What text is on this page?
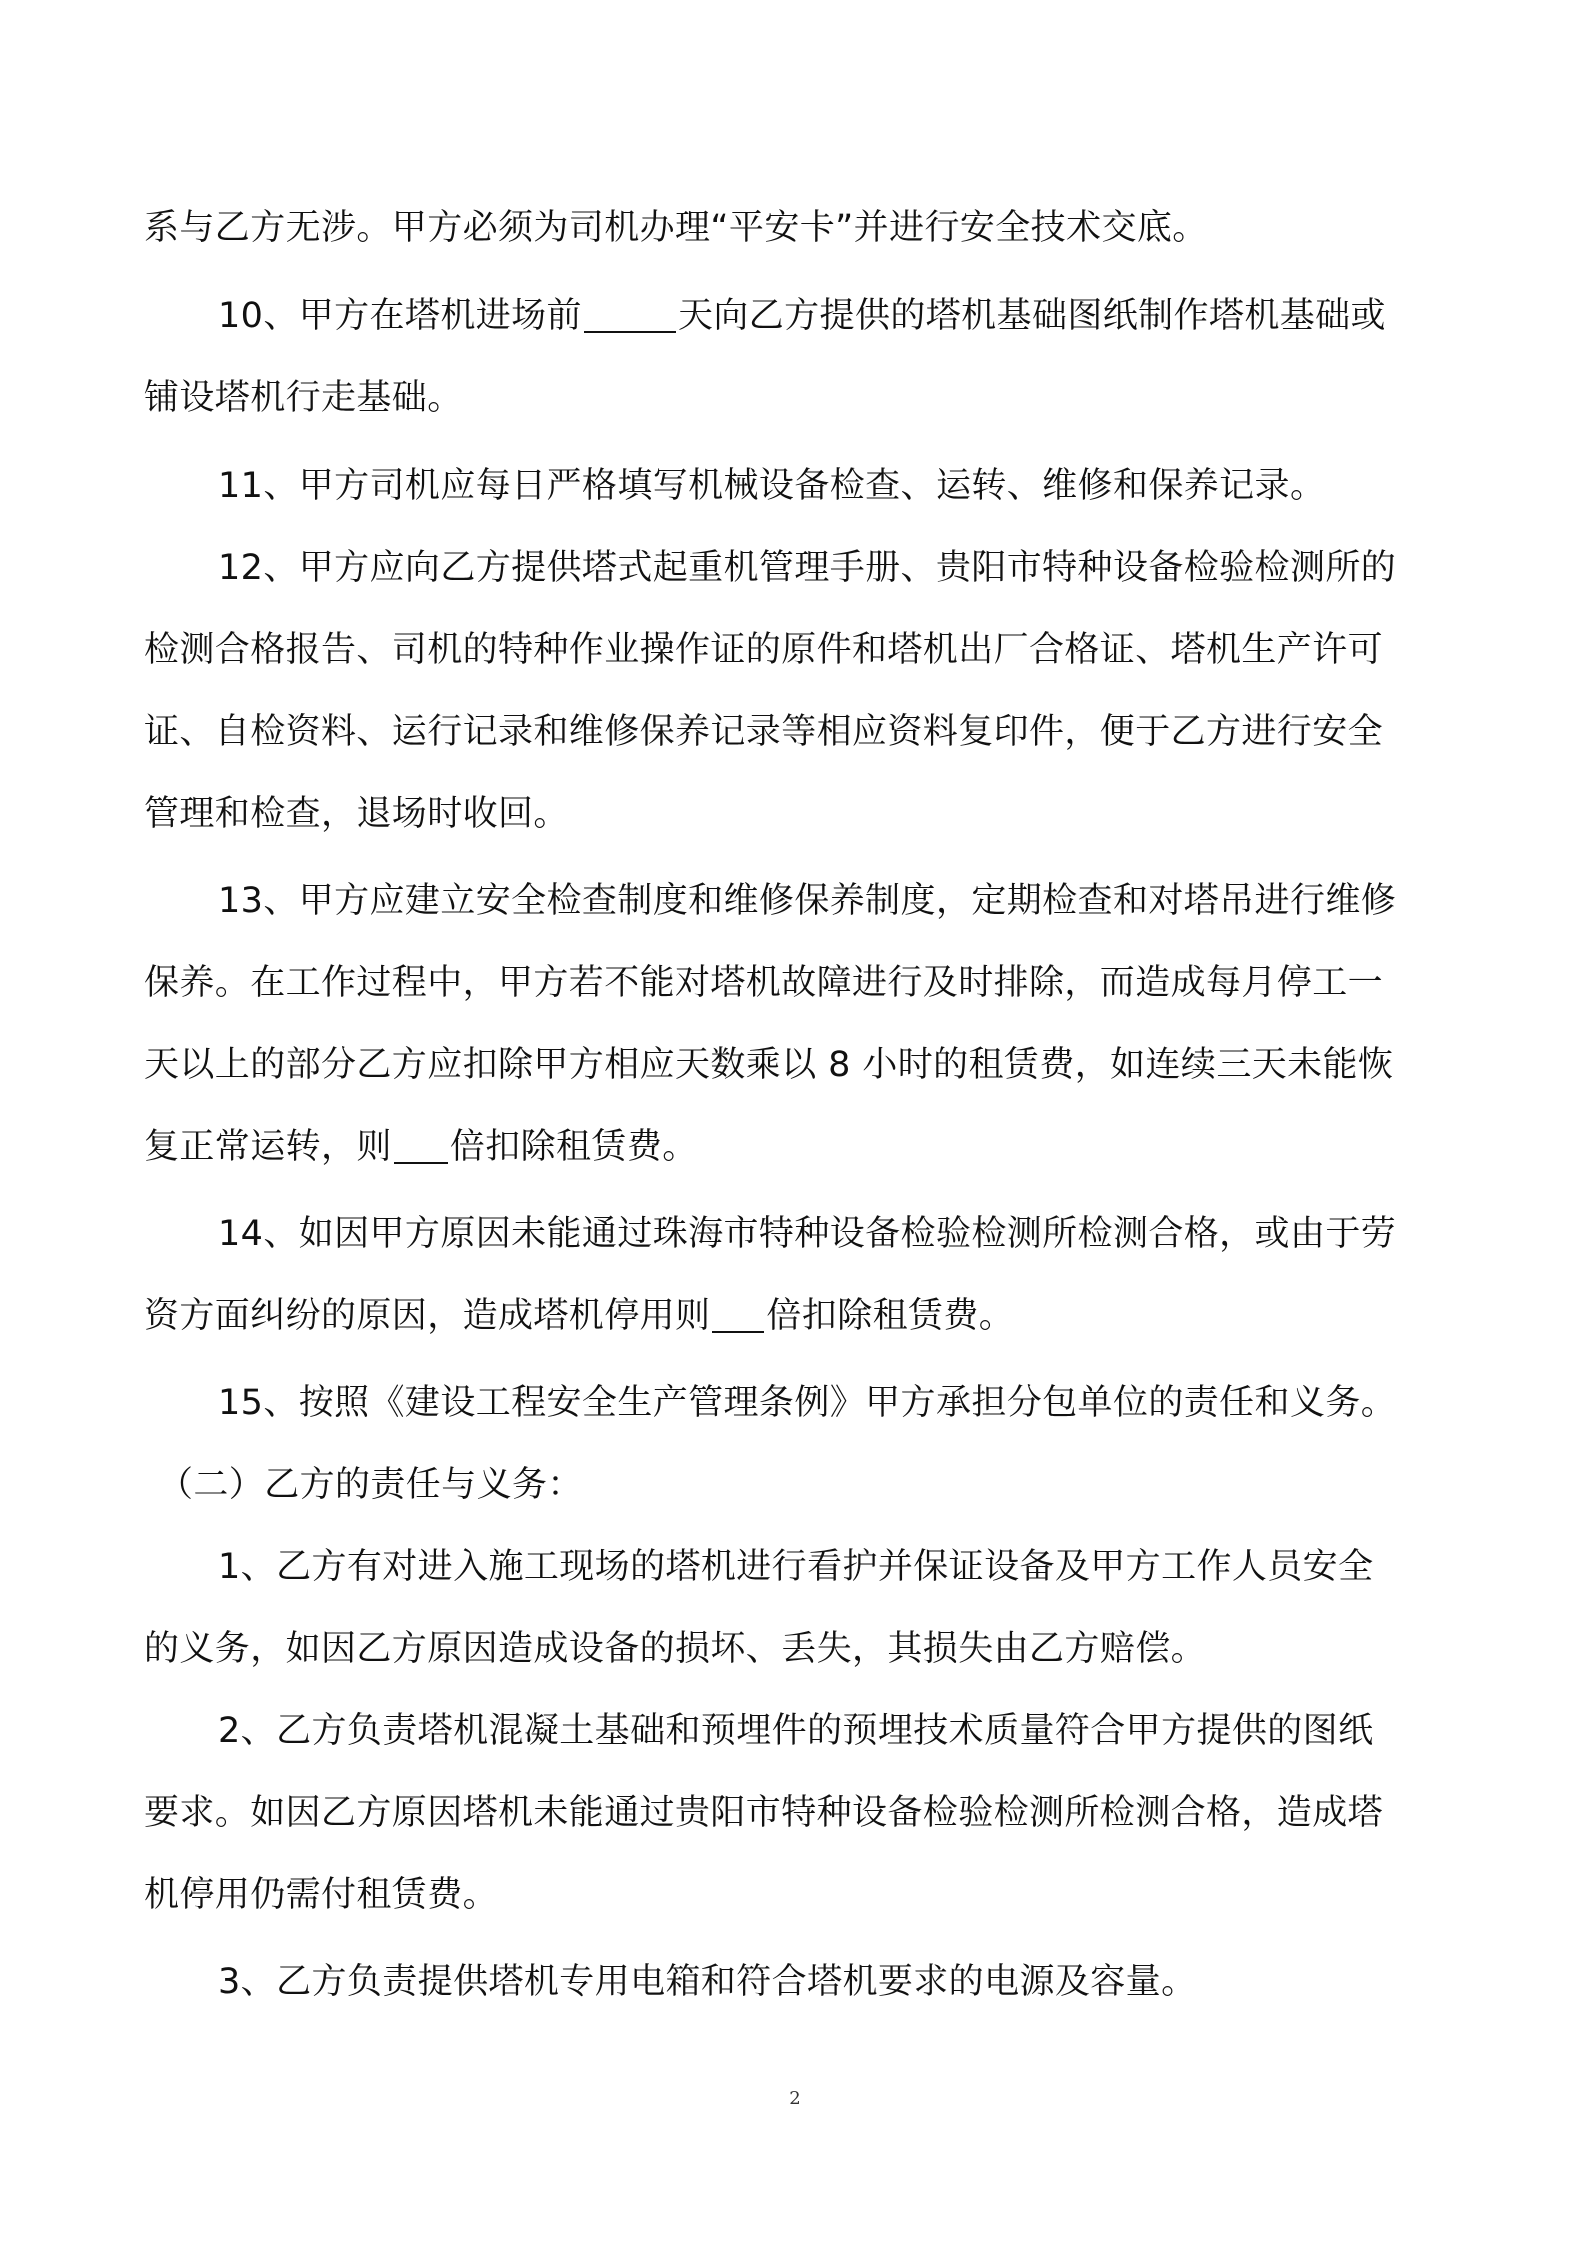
系与乙方无涉。甲方必须为司机办理“平安卡”并进行安全技术交底。
10、甲方在塔机进场前	天向乙方提供的塔机基础图纸制作塔机基础或
铺设塔机行走基础。
11、甲方司机应每日严格填写机械设备检查、运转、维修和保养记录。
12、甲方应向乙方提供塔式起重机管理手册、贵阳市特种设备检验检测所的
检测合格报告、司机的特种作业操作证的原件和塔机出厂合格证、塔机生产许可
证、自检资料、运行记录和维修保养记录等相应资料复印件，便于乙方进行安全
管理和检查，退场时收回。
13、甲方应建立安全检查制度和维修保养制度，定期检查和对塔吊进行维修
保养。在工作过程中，甲方若不能对塔机故障进行及时排除，而造成每月停工一
天以上的部分乙方应扣除甲方相应天数乘以 8 小时的租赁费，如连续三天未能恢
复正常运转，则 倍扣除租赁费。
14、如因甲方原因未能通过珠海市特种设备检验检测所检测合格，或由于劳
资方面纠纷的原因，造成塔机停用则 倍扣除租赁费。
15、按照《建设工程安全生产管理条例》甲方承担分包单位的责任和义务。
（二）乙方的责任与义务：
1、乙方有对进入施工现场的塔机进行看护并保证设备及甲方工作人员安全
的义务，如因乙方原因造成设备的损坏、丢失，其损失由乙方赔偿。
2、乙方负责塔机混凝土基础和预埋件的预埋技术质量符合甲方提供的图纸
要求。如因乙方原因塔机未能通过贵阳市特种设备检验检测所检测合格，造成塔
机停用仍需付租赁费。
3、乙方负责提供塔机专用电箱和符合塔机要求的电源及容量。
2
